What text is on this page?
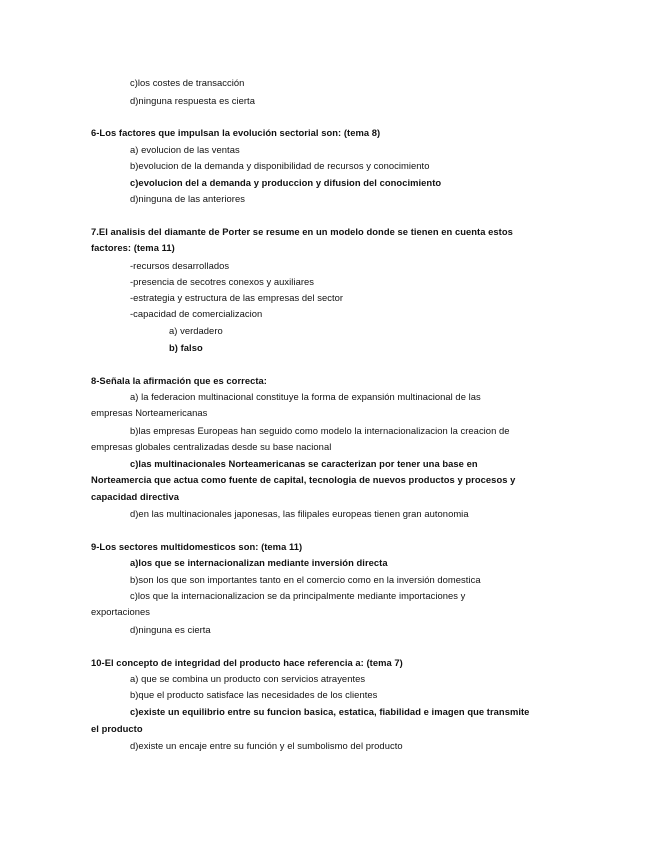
c)los costes de transacción
d)ninguna respuesta es cierta
6-Los factores que impulsan la evolución sectorial son: (tema 8)
a) evolucion de las ventas
b)evolucion de la demanda y disponibilidad de recursos y conocimiento
c)evolucion del a demanda y produccion y difusion del conocimiento
d)ninguna de las anteriores
7.El analisis del diamante de Porter se resume en un modelo donde se tienen en cuenta estos
factores: (tema 11)
-recursos desarrollados
-presencia de secotres conexos y auxiliares
-estrategia y estructura de las empresas del sector
-capacidad de comercializacion
a) verdadero
b) falso
8-Señala la afirmación que es correcta:
a) la federacion multinacional constituye la forma de expansión multinacional de las
empresas Norteamericanas
b)las empresas Europeas han seguido como modelo la internacionalizacion la creacion de
empresas globales centralizadas desde su base nacional
c)las multinacionales Norteamericanas se caracterizan por tener una base en
Norteamercia que actua como fuente de capital, tecnologia de nuevos productos y procesos y
capacidad directiva
d)en las multinacionales japonesas, las filipales europeas tienen gran autonomia
9-Los sectores multidomesticos son: (tema 11)
a)los que se internacionalizan mediante inversión directa
b)son los que son importantes tanto en el comercio como en la inversión domestica
c)los que la internacionalizacion se da principalmente mediante importaciones y
exportaciones
d)ninguna es cierta
10-El concepto de integridad del producto hace referencia a: (tema 7)
a) que se combina un producto con servicios atrayentes
b)que el producto satisface las necesidades de los clientes
c)existe un equilibrio entre su funcion basica, estatica, fiabilidad e imagen que transmite
el producto
d)existe un encaje entre su función y el sumbolismo del producto
